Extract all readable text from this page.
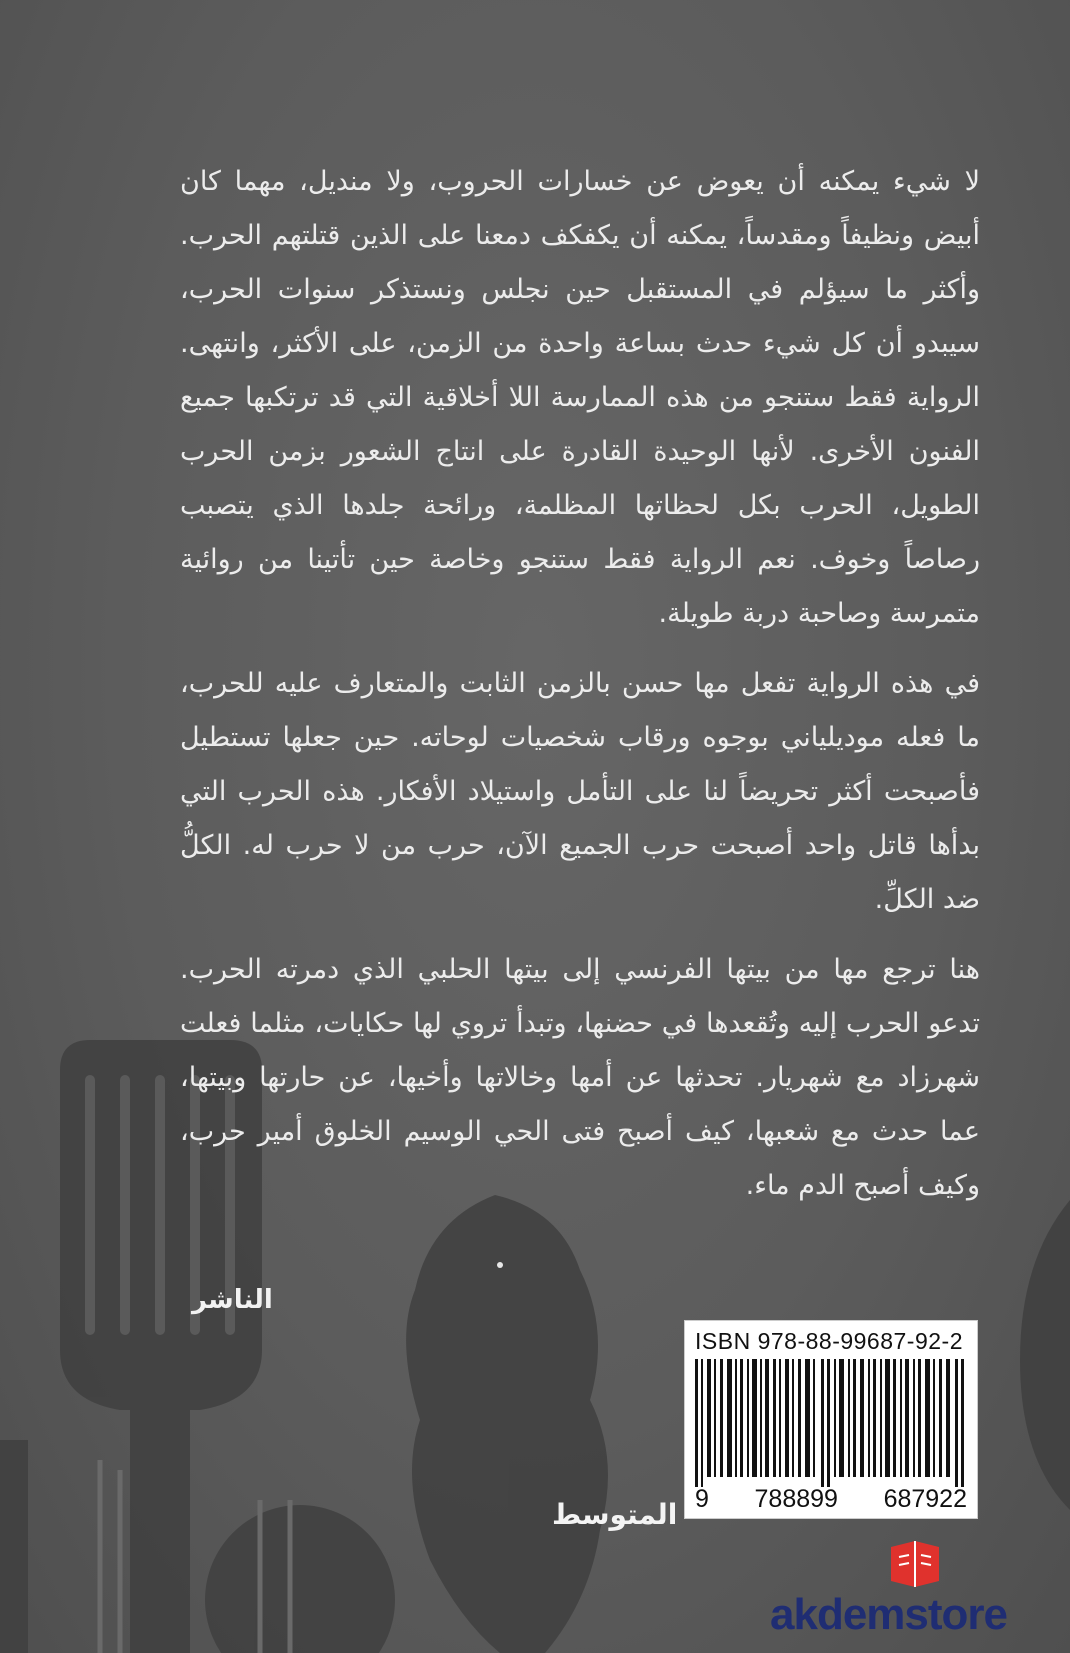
لا شيء يمكنه أن يعوض عن خسارات الحروب، ولا منديل، مهما كان أبيض ونظيفاً ومقدساً، يمكنه أن يكفكف دمعنا على الذين قتلتهم الحرب. وأكثر ما سيؤلم في المستقبل حين نجلس ونستذكر سنوات الحرب، سيبدو أن كل شيء حدث بساعة واحدة من الزمن، على الأكثر، وانتهى. الرواية فقط ستنجو من هذه الممارسة اللا أخلاقية التي قد ترتكبها جميع الفنون الأخرى. لأنها الوحيدة القادرة على انتاج الشعور بزمن الحرب الطويل، الحرب بكل لحظاتها المظلمة، ورائحة جلدها الذي يتصبب رصاصاً وخوف. نعم الرواية فقط ستنجو وخاصة حين تأتينا من روائية متمرسة وصاحبة دربة طويلة.

في هذه الرواية تفعل مها حسن بالزمن الثابت والمتعارف عليه للحرب، ما فعله موديلياني بوجوه ورقاب شخصيات لوحاته. حين جعلها تستطيل فأصبحت أكثر تحريضاً لنا على التأمل واستيلاد الأفكار. هذه الحرب التي بدأها قاتل واحد أصبحت حرب الجميع الآن، حرب من لا حرب له. الكلُّ ضد الكلِّ.

هنا ترجع مها من بيتها الفرنسي إلى بيتها الحلبي الذي دمرته الحرب. تدعو الحرب إليه وتُقعدها في حضنها، وتبدأ تروي لها حكايات، مثلما فعلت شهرزاد مع شهريار. تحدثها عن أمها وخالاتها وأخيها، عن حارتها وبيتها، عما حدث مع شعبها، كيف أصبح فتى الحي الوسيم الخلوق أمير حرب، وكيف أصبح الدم ماء.

الناشر
ISBN 978-88-99687-92-2
9 788899 687922
المتوسط
akdemstore
